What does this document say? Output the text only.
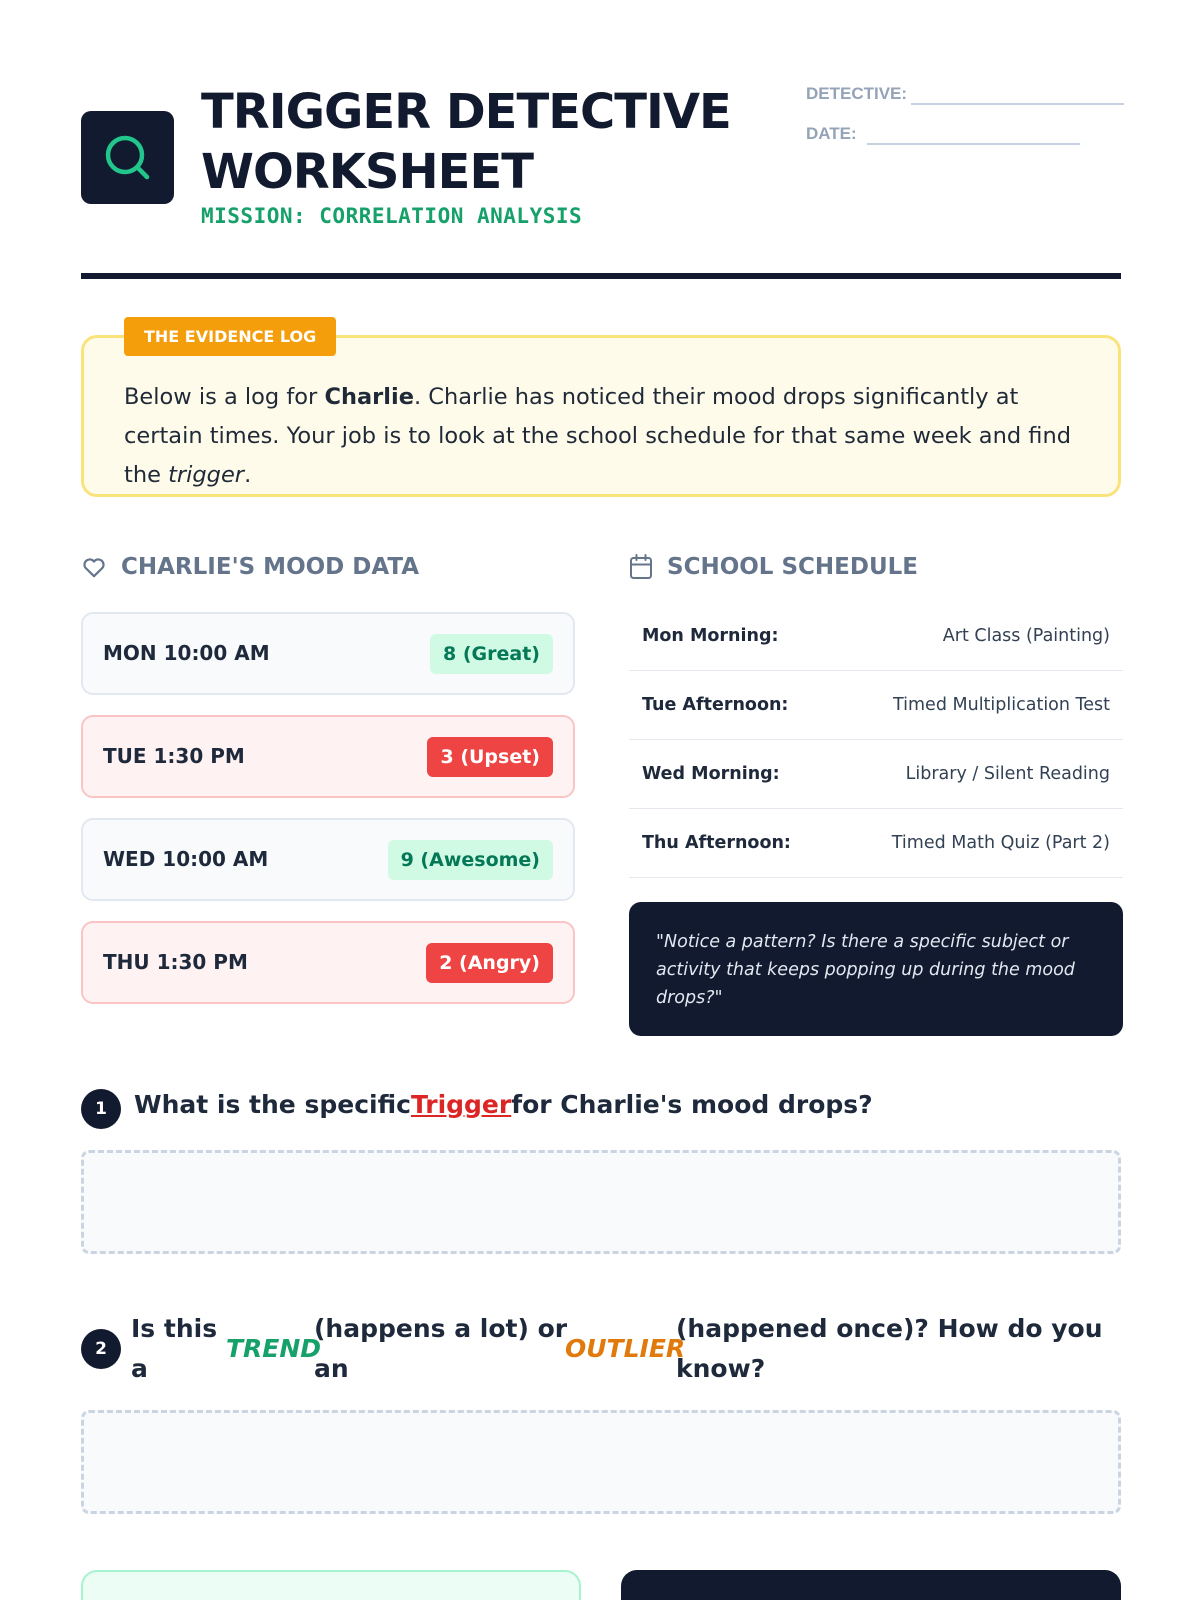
TRIGGER DETECTIVE
WORKSHEET
MISSION: CORRELATION ANALYSIS
DETECTIVE:
DATE:
THE EVIDENCE LOG
Below is a log for Charlie. Charlie has noticed their mood drops significantly at certain times. Your job is to look at the school schedule for that same week and find the trigger.
CHARLIE'S MOOD DATA
MON 10:00 AM	8 (Great)
TUE 1:30 PM	3 (Upset)
WED 10:00 AM	9 (Awesome)
THU 1:30 PM	2 (Angry)
SCHOOL SCHEDULE
Mon Morning:	Art Class (Painting)
Tue Afternoon:	Timed Multiplication Test
Wed Morning:	Library / Silent Reading
Thu Afternoon:	Timed Math Quiz (Part 2)
"Notice a pattern? Is there a specific subject or activity that keeps popping up during the mood drops?"
1	What is the specificTriggerfor Charlie's mood drops?
2
Is this
a
TREND
(happens a lot) or
an
OUTLIER
(happened once)? How do you
know?
